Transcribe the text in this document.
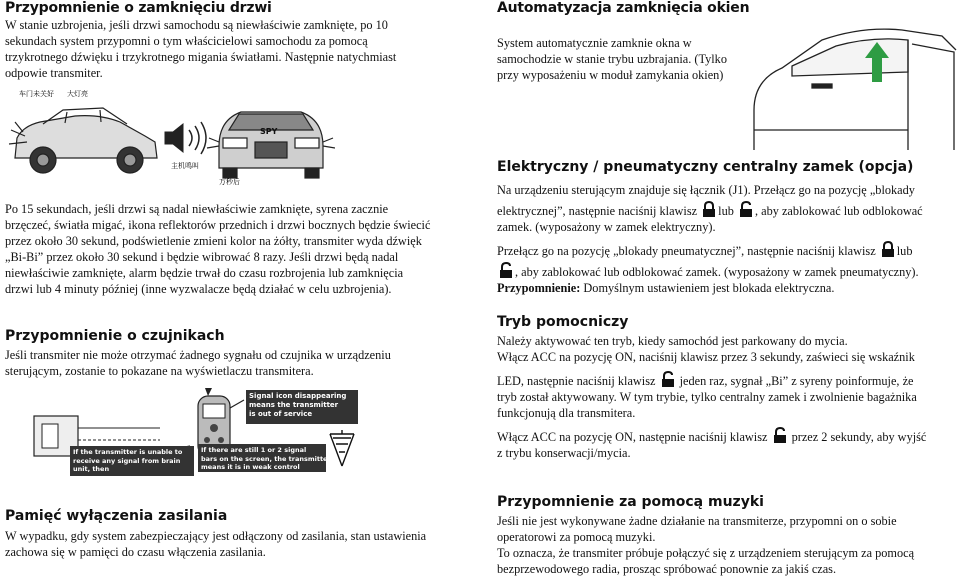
Przypomnienie o zamknięciu drzwi
W stanie uzbrojenia, jeśli drzwi samochodu są niewłaściwie zamknięte, po 10
sekundach system przypomni o tym właścicielowi samochodu za pomocą
trzykrotnego dźwięku i trzykrotnego migania światłami. Następnie natychmiast
odpowie transmiter.
SPY
车门未关好 大灯亮
主机鸣叫
万秒后
Po 15 sekundach, jeśli drzwi są nadal niewłaściwie zamknięte, syrena zacznie
brzęczeć, światła migać, ikona reflektorów przednich i drzwi bocznych będzie świecić
przez około 30 sekund, podświetlenie zmieni kolor na żółty, transmiter wyda dźwięk
„Bi-Bi” przez około 30 sekund i będzie wibrować 8 razy. Jeśli drzwi będą nadal
niewłaściwie zamknięte, alarm będzie trwał do czasu rozbrojenia lub zamknięcia
drzwi lub 4 minuty później (inne wyzwalacze będą działać w celu uzbrojenia).
Przypomnienie o czujnikach
Jeśli transmiter nie może otrzymać żadnego sygnału od czujnika w urządzeniu
sterującym, zostanie to pokazane na wyświetlaczu transmitera.
Signal icon disappearing
means the transmitter
is out of service
If the transmitter is unable to
receive any signal from brain
unit, then
If there are still 1 or 2 signal
bars on the screen, the transmitter
means it is in weak control
Pamięć wyłączenia zasilania
W wypadku, gdy system zabezpieczający jest odłączony od zasilania, stan ustawienia
zachowa się w pamięci do czasu włączenia zasilania.
Automatyzacja zamknięcia okien
System automatycznie zamknie okna w
samochodzie w stanie trybu uzbrajania. (Tylko
przy wyposażeniu w moduł zamykania okien)
Elektryczny / pneumatyczny centralny zamek (opcja)
Na urządzeniu sterującym znajduje się łącznik (J1). Przełącz go na pozycję „blokady
elektrycznej”, następnie naciśnij klawisz lub , aby zablokować lub odblokować
zamek. (wyposażony w zamek elektryczny).
Przełącz go na pozycję „blokady pneumatycznej”, następnie naciśnij klawisz lub
, aby zablokować lub odblokować zamek. (wyposażony w zamek pneumatyczny).
Przypomnienie: Domyślnym ustawieniem jest blokada elektryczna.
Tryb pomocniczy
Należy aktywować ten tryb, kiedy samochód jest parkowany do mycia.
Włącz ACC na pozycję ON, naciśnij klawisz przez 3 sekundy, zaświeci się wskaźnik
LED, następnie naciśnij klawisz  jeden raz, sygnał „Bi” z syreny poinformuje, że
tryb został aktywowany. W tym trybie, tylko centralny zamek i zwolnienie bagażnika
funkcjonują dla transmitera.
Włącz ACC na pozycję ON, następnie naciśnij klawisz  przez 2 sekundy, aby wyjść
z trybu konserwacji/mycia.
Przypomnienie za pomocą muzyki
Jeśli nie jest wykonywane żadne działanie na transmiterze, przypomni on o sobie
operatorowi za pomocą muzyki.
To oznacza, że transmiter próbuje połączyć się z urządzeniem sterującym za pomocą
bezprzewodowego radia, prosząc spróbować ponownie za jakiś czas.
